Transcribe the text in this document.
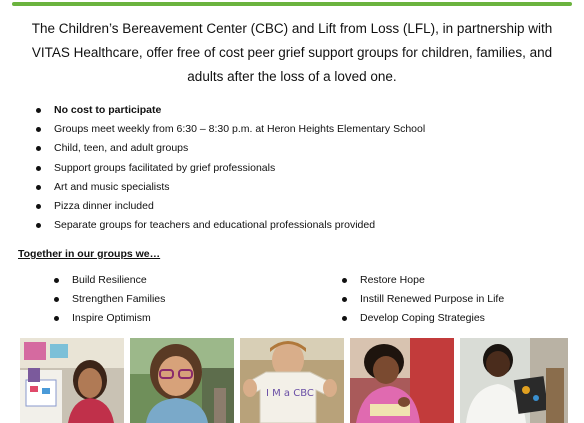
The Children’s Bereavement Center (CBC) and Lift from Loss (LFL), in partnership with VITAS Healthcare, offer free of cost peer grief support groups for children, families, and adults after the loss of a loved one.
No cost to participate
Groups meet weekly from 6:30 – 8:30 p.m. at Heron Heights Elementary School
Child, teen, and adult groups
Support groups facilitated by grief professionals
Art and music specialists
Pizza dinner included
Separate groups for teachers and educational professionals provided
Together in our groups we…
Build Resilience
Strengthen Families
Inspire Optimism
Restore Hope
Instill Renewed Purpose in Life
Develop Coping Strategies
I M a CBC
